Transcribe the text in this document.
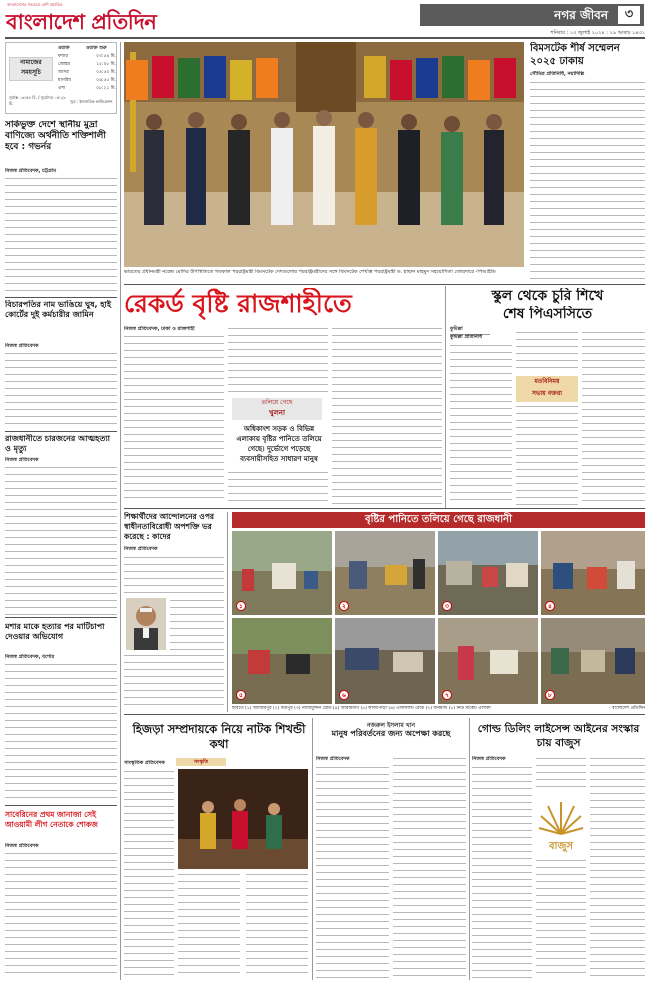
বাংলাদেশের সবচেয়ে বেশি প্রচারিত
বাংলাদেশ প্রতিদিন	নগর জীবন	৩
শনিবার : ১৩ জুলাই ২০২৪ : ২৯ আষাঢ় ১৪৩১
নামাজের
সময়সূচি
ওয়াক্ত	ওয়াক্ত শুরু
ফজর	০৩:৫৪ মি.
জোহর	১২:০৮ মি.
আসর	০৪:৫০ মি.
মাগরিব	০৬:৫৫ মি.
এশা	০৮:২১ মি.
সূর্যাস্ত ০৬:৫৪ মি. / সূর্যোদয় ০৫:২৮ মি.	সূত্র : ইসলামিক ফাউন্ডেশন
সার্কভুক্ত দেশে স্থানীয় মুদ্রা বাণিজ্যে অর্থনীতি শক্তিশালী হবে : গভর্নর
নিজস্ব প্রতিবেদক, চট্টগ্রাম
বিচারপতির নাম ভাঙিয়ে ঘুষ, হাই কোর্টের দুই কর্মচারীর জামিন
নিজস্ব প্রতিবেদক
রাজধানীতে চারজনের আত্মহত্যা ও মৃত্যু
নিজস্ব প্রতিবেদক
মশার মাকে হত্যার পর মাটিচাপা দেওয়ার অভিযোগ
নিজস্ব প্রতিবেদক, যশোর
সাবেরিনের প্রথম জানাজা সেই আওয়ামী লীগ নেতাকে শোকজ
নিজস্ব প্রতিবেদক
ভারতের প্রধানমন্ত্রী নরেন্দ্র মোদির উপস্থিতিতে গতকাল পররাষ্ট্রমন্ত্রী বিমসটেক দেশগুলোর পররাষ্ট্রমন্ত্রীদের সঙ্গে বিমসটেক শেখস্তি পররাষ্ট্রমন্ত্রী ড. হাছান মাহমুদ সহযোগিতা জোরদারে -পিআইডি
বিমসটেক শীর্ষ সম্মেলন ২০২৫ ঢাকায়
সৌমিত্র প্রতিনিধি, নয়াদিল্লি
রেকর্ড বৃষ্টি রাজশাহীতে
নিজস্ব প্রতিবেদক, ঢাকা ও রাজশাহী
তলিয়ে গেছে
খুলনা
অধিকাংশ সড়ক ও বিভিন্ন এলাকায় বৃষ্টির পানিতে তলিয়ে গেছে। দুর্ভোগে পড়েছে ব্যবসায়ীসহিত সাধারণ মানুষ
স্কুল থেকে চুরি শিখে
শেষ পিএসসিতে
কুমিল্লা
কুমিল্লা প্রতিনিধি
মতবিনিময়
সভায় বক্তরা
শিক্ষার্থীদের আন্দোলনের ওপর স্বাধীনতাবিরোধী অপশক্তি ভর করেছে : কাদের
নিজস্ব প্রতিবেদক
বৃষ্টির পানিতে তলিয়ে গেছে রাজধানী
১	২	৩	৪
৫	৬	৭	৮
ছবিতে (১) আজিমপুর (২) মিরপুর (৩) নাজিমুদ্দিন রোড (৪) আরামবাগ (৫) কাজীপাড়া (৬) এলিফ্যান্ট রোড (৭) ধানমন্ডি (৮) নিউ মার্কেট এলাকা	- বাংলাদেশ প্রতিদিন
হিজড়া সম্প্রদায়কে নিয়ে নাটক শিখন্ডী কথা
সাংস্কৃতিক প্রতিবেদক	সংস্কৃতি
নজরুল ইসলাম খান
মানুষ পরিবর্তনের জন্য অপেক্ষা করছে
নিজস্ব প্রতিবেদক
গোল্ড ডিলিং লাইসেন্স আইনের সংস্কার চায় বাজুস
নিজস্ব প্রতিবেদক
বাজুস
